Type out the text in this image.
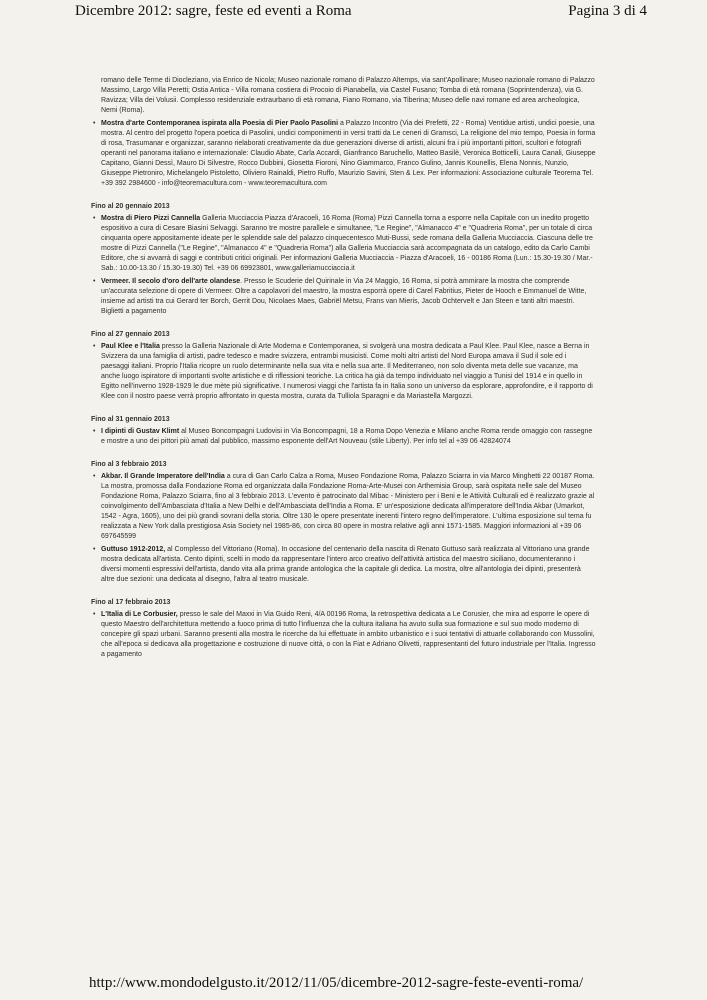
Dicembre 2012: sagre, feste ed eventi a Roma	Pagina 3 di 4
romano delle Terme di Diocleziano, via Enrico de Nicola; Museo nazionale romano di Palazzo Altemps, via sant'Apollinare; Museo nazionale romano di Palazzo Massimo, Largo Villa Peretti; Ostia Antica - Villa romana costiera di Procoio di Pianabella, via Castel Fusano; Tomba di età romana (Soprintendenza), via G. Ravizza; Villa dei Volusii. Complesso residenziale extraurbano di età romana, Fiano Romano, via Tiberina; Museo delle navi romane ed area archeologica, Nemi (Roma).
• Mostra d'arte Contemporanea ispirata alla Poesia di Pier Paolo Pasolini a Palazzo Incontro (Via dei Prefetti, 22 - Roma) Ventidue artisti, undici poesie, una mostra. Al centro del progetto l'opera poetica di Pasolini, undici componimenti in versi tratti da Le ceneri di Gramsci, La religione del mio tempo, Poesia in forma di rosa, Trasumanar e organizzar, saranno rielaborati creativamente da due generazioni diverse di artisti, alcuni fra i più importanti pittori, scultori e fotografi operanti nel panorama italiano e internazionale: Claudio Abate, Carla Accardi, Gianfranco Baruchello, Matteo Basilè, Veronica Botticelli, Laura Canali, Giuseppe Capitano, Gianni Dessì, Mauro Di Silvestre, Rocco Dubbini, Giosetta Fioroni, Nino Giammarco, Franco Gulino, Jannis Kounellis, Elena Nonnis, Nunzio, Giuseppe Pietroniro, Michelangelo Pistoletto, Oliviero Rainaldi, Pietro Ruffo, Maurizio Savini, Sten & Lex. Per informazioni: Associazione culturale Teorema Tel. +39 392 2984600 - info@teoremacultura.com - www.teoremacultura.com
Fino al 20 gennaio 2013
• Mostra di Piero Pizzi Cannella Galleria Mucciaccia Piazza d'Aracoeli, 16 Roma (Roma) Pizzi Cannella torna a esporre nella Capitale con un inedito progetto espositivo a cura di Cesare Biasini Selvaggi. Saranno tre mostre parallele e simultanee, "Le Regine", "Almanacco 4" e "Quadreria Roma", per un totale di circa cinquanta opere appositamente ideate per le splendide sale del palazzo cinquecentesco Muti-Bussi, sede romana della Galleria Mucciaccia. Ciascuna delle tre mostre di Pizzi Cannella ("Le Regine", "Almanacco 4" e "Quadreria Roma") alla Galleria Mucciaccia sarà accompagnata da un catalogo, edito da Carlo Cambi Editore, che si avvarrà di saggi e contributi critici originali. Per informazioni Galleria Mucciaccia - Piazza d'Aracoeli, 16 - 00186 Roma (Lun.: 15.30-19.30 / Mar.-Sab.: 10.00-13.30 / 15.30-19.30) Tel. +39 06 69923801, www.galleriamucciaccia.it
• Vermeer. Il secolo d'oro dell'arte olandese. Presso le Scuderie del Quirinale in Via 24 Maggio, 16 Roma, si potrà ammirare la mostra che comprende un'accurata selezione di opere di Vermeer. Oltre a capolavori del maestro, la mostra esporrà opere di Carel Fabritius, Pieter de Hooch e Emmanuel de Witte, insieme ad artisti tra cui Gerard ter Borch, Gerrit Dou, Nicolaes Maes, Gabriël Metsu, Frans van Mieris, Jacob Ochtervelt e Jan Steen e tanti altri maestri. Biglietti a pagamento
Fino al 27 gennaio 2013
• Paul Klee e l'Italia presso la Galleria Nazionale di Arte Moderna e Contemporanea, si svolgerà una mostra dedicata a Paul Klee. Paul Klee, nasce a Berna in Svizzera da una famiglia di artisti, padre tedesco e madre svizzera, entrambi musicisti. Come molti altri artisti del Nord Europa amava il Sud il sole ed i paesaggi italiani. Proprio l'Italia ricopre un ruolo determinante nella sua vita e nella sua arte. Il Mediterraneo, non solo diventa meta delle sue vacanze, ma anche luogo ispiratore di importanti svolte artistiche e di riflessioni teoriche. La critica ha già da tempo individuato nel viaggio a Tunisi del 1914 e in quello in Egitto nell'inverno 1928-1929 le due mète più significative. I numerosi viaggi che l'artista fa in Italia sono un universo da esplorare, approfondire, e il rapporto di Klee con il nostro paese verrà proprio affrontato in questa mostra, curata da Tulliola Sparagni e da Mariastella Margozzi.
Fino al 31 gennaio 2013
• I dipinti di Gustav Klimt al Museo Boncompagni Ludovisi in Via Boncompagni, 18 a Roma Dopo Venezia e Milano anche Roma rende omaggio con rassegne e mostre a uno dei pittori più amati dal pubblico, massimo esponente dell'Art Nouveau (stile Liberty). Per info tel al +39 06 42824074
Fino al 3 febbraio 2013
• Akbar. Il Grande Imperatore dell'India a cura di Gan Carlo Calza a Roma, Museo Fondazione Roma, Palazzo Sciarra in via Marco Minghetti 22 00187 Roma. La mostra, promossa dalla Fondazione Roma ed organizzata dalla Fondazione Roma-Arte-Musei con Arthemisia Group, sarà ospitata nelle sale del Museo Fondazione Roma, Palazzo Sciarra, fino al 3 febbraio 2013. L'evento è patrocinato dal Mibac - Ministero per i Beni e le Attività Culturali ed è realizzato grazie al coinvolgimento dell'Ambasciata d'Italia a New Delhi e dell'Ambasciata dell'India a Roma. E' un'esposizione dedicata all'imperatore dell'India Akbar (Umarkot, 1542 - Agra, 1605), uno dei più grandi sovrani della storia. Oltre 130 le opere presentate inerenti l'intero regno dell'imperatore. L'ultima esposizione sul tema fu realizzata a New York dalla prestigiosa Asia Society nel 1985-86, con circa 80 opere in mostra relative agli anni 1571-1585. Maggiori informazioni al +39 06 697645599
• Guttuso 1912-2012, al Complesso del Vittoriano (Roma). In occasione del centenario della nascita di Renato Guttuso sarà realizzata al Vittoriano una grande mostra dedicata all'artista. Cento dipinti, scelti in modo da rappresentare l'intero arco creativo dell'attività artistica del maestro siciliano, documenteranno i diversi momenti espressivi dell'artista, dando vita alla prima grande antologica che la capitale gli dedica. La mostra, oltre all'antologia dei dipinti, presenterà altre due sezioni: una dedicata al disegno, l'altra al teatro musicale.
Fino al 17 febbraio 2013
• L'Italia di Le Corbusier, presso le sale del Maxxi in Via Guido Reni, 4/A 00196 Roma, la retrospettiva dedicata a Le Corusier, che mira ad esporre le opere di questo Maestro dell'architettura mettendo a fuoco prima di tutto l'influenza che la cultura italiana ha avuto sulla sua formazione e sul suo modo moderno di concepire gli spazi urbani. Saranno presenti alla mostra le ricerche da lui effettuate in ambito urbanistico e i suoi tentativi di attuarle collaborando con Mussolini, che all'epoca si dedicava alla progettazione e costruzione di nuove città, o con la Fiat e Adriano Olivetti, rappresentanti del futuro industriale per l'Italia. Ingresso a pagamento
http://www.mondodelgusto.it/2012/11/05/dicembre-2012-sagre-feste-eventi-roma/
